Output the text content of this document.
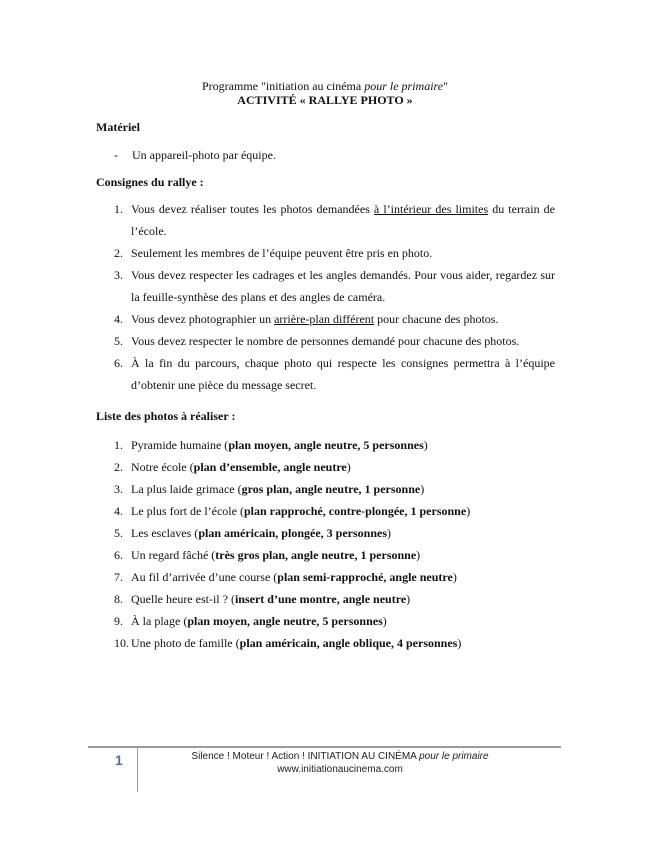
Programme "initiation au cinéma pour le primaire"
ACTIVITÉ « RALLYE PHOTO »
Matériel
- Un appareil-photo par équipe.
Consignes du rallye :
1. Vous devez réaliser toutes les photos demandées à l’intérieur des limites du terrain de l’école.
2. Seulement les membres de l’équipe peuvent être pris en photo.
3. Vous devez respecter les cadrages et les angles demandés. Pour vous aider, regardez sur la feuille-synthèse des plans et des angles de caméra.
4. Vous devez photographier un arrière-plan différent pour chacune des photos.
5. Vous devez respecter le nombre de personnes demandé pour chacune des photos.
6. À la fin du parcours, chaque photo qui respecte les consignes permettra à l’équipe d’obtenir une pièce du message secret.
Liste des photos à réaliser :
1. Pyramide humaine (plan moyen, angle neutre, 5 personnes)
2. Notre école (plan d’ensemble, angle neutre)
3. La plus laide grimace (gros plan, angle neutre, 1 personne)
4. Le plus fort de l’école (plan rapproché, contre-plongée, 1 personne)
5. Les esclaves (plan américain, plongée, 3 personnes)
6. Un regard fâché (très gros plan, angle neutre, 1 personne)
7. Au fil d’arrivée d’une course (plan semi-rapproché, angle neutre)
8. Quelle heure est-il ? (insert d’une montre, angle neutre)
9. À la plage (plan moyen, angle neutre, 5 personnes)
10. Une photo de famille (plan américain, angle oblique, 4 personnes)
1	Silence ! Moteur ! Action ! INITIATION AU CINÉMA pour le primaire
www.initiationaucinema.com
